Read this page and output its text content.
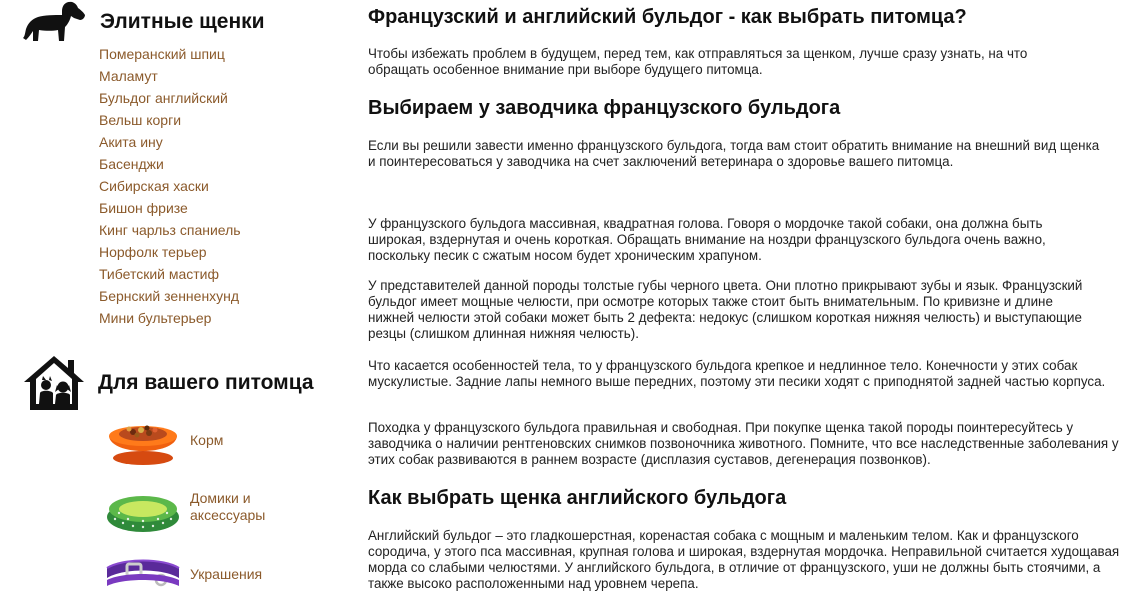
Элитные щенки
Померанский шпиц
Маламут
Бульдог английский
Вельш корги
Акита ину
Басенджи
Сибирская хаски
Бишон фризе
Кинг чарльз спаниель
Норфолк терьер
Тибетский мастиф
Бернский зенненхунд
Мини бультерьер
Для вашего питомца
Корм
Домики и аксессуары
Украшения
Французский и английский бульдог - как выбрать питомца?

Чтобы избежать проблем в будущем, перед тем, как отправляться за щенком, лучше сразу узнать, на что обращать особенное внимание при выборе будущего питомца.

Выбираем у заводчика французского бульдога

Если вы решили завести именно французского бульдога, тогда вам стоит обратить внимание на внешний вид щенка и поинтересоваться у заводчика на счет заключений ветеринара о здоровье вашего питомца.

У французского бульдога массивная, квадратная голова. Говоря о мордочке такой собаки, она должна быть широкая, вздернутая и очень короткая. Обращать внимание на ноздри французского бульдога очень важно, поскольку песик с сжатым носом будет хроническим храпуном.

У представителей данной породы толстые губы черного цвета. Они плотно прикрывают зубы и язык. Французский бульдог имеет мощные челюсти, при осмотре которых также стоит быть внимательным. По кривизне и длине нижней челюсти этой собаки может быть 2 дефекта: недокус (слишком короткая нижняя челюсть) и выступающие резцы (слишком длинная нижняя челюсть).

Что касается особенностей тела, то у французского бульдога крепкое и недлинное тело. Конечности у этих собак мускулистые. Задние лапы немного выше передних, поэтому эти песики ходят с приподнятой задней частью корпуса.

Походка у французского бульдога правильная и свободная. При покупке щенка такой породы поинтересуйтесь у заводчика о наличии рентгеновских снимков позвоночника животного. Помните, что все наследственные заболевания у этих собак развиваются в раннем возрасте (дисплазия суставов, дегенерация позвонков).

Как выбрать щенка английского бульдога

Английский бульдог – это гладкошерстная, коренастая собака с мощным и маленьким телом. Как и французского сородича, у этого пса массивная, крупная голова и широкая, вздернутая мордочка. Неправильной считается худощавая морда со слабыми челюстями. У английского бульдога, в отличие от французского, уши не должны быть стоячими, а также высоко расположенными над уровнем черепа.
